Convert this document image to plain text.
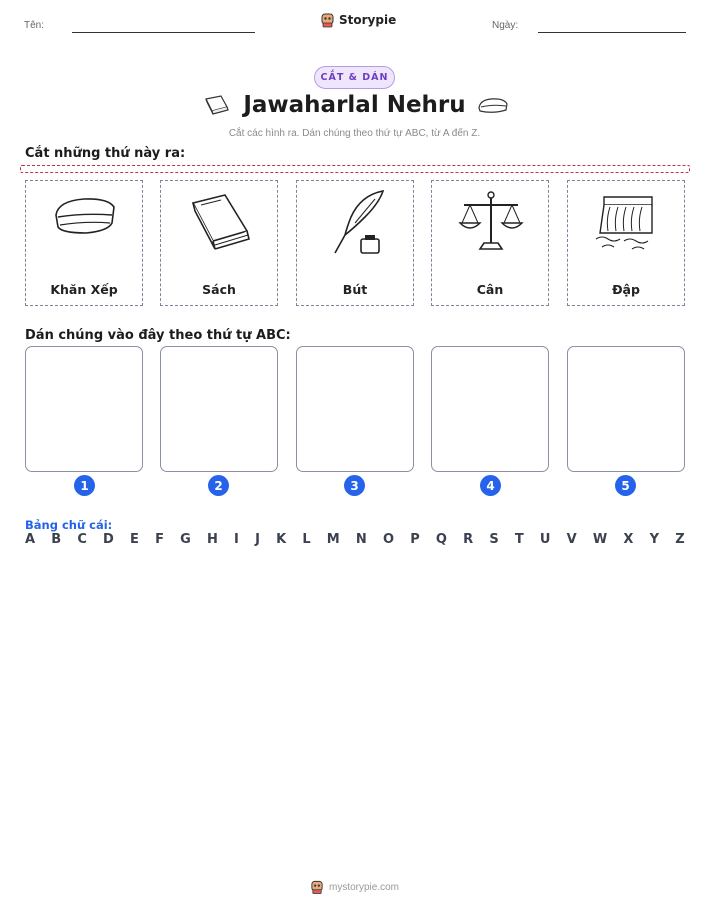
Tên:	Storypie	Ngày:
CẮT & DÁN
Jawaharlal Nehru
Cắt các hình ra. Dán chúng theo thứ tự ABC, từ A đến Z.
Cắt những thứ này ra:
Khăn Xếp	Sách	Bút	Cân	Đập
Dán chúng vào đây theo thứ tự ABC:
1	2	3	4	5
Bảng chữ cái:
A B C D E F G H I J K L M N O P Q R S T U V W X Y Z
mystorypie.com
